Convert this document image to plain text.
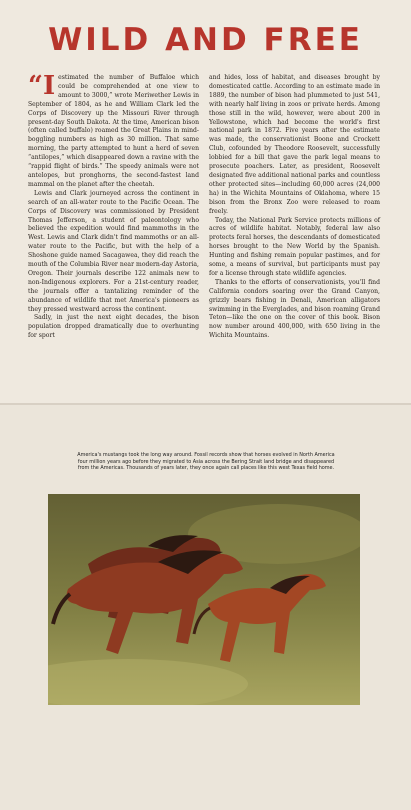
WILD AND FREE

“Iestimated the number of Buffaloe which could be comprehended at one view to amount to 3000,” wrote Meriwether Lewis in September of 1804, as he and William Clark led the Corps of Discovery up the Missouri River through present-day South Dakota. At the time, American bison (often called buffalo) roamed the Great Plains in mind-boggling numbers as high as 30 million. That same morning, the party attempted to hunt a herd of seven “antilopes,” which disappeared down a ravine with the “rappid flight of birds.” The speedy animals were not antelopes, but pronghorns, the second-fastest land mammal on the planet after the cheetah.

Lewis and Clark journeyed across the continent in search of an all-water route to the Pacific Ocean. The Corps of Discovery was commissioned by President Thomas Jefferson, a student of paleontology who believed the expedition would find mammoths in the West. Lewis and Clark didn't find mammoths or an all-water route to the Pacific, but with the help of a Shoshone guide named Sacagawea, they did reach the mouth of the Columbia River near modern-day Astoria, Oregon. Their journals describe 122 animals new to non-Indigenous explorers. For a 21st-century reader, the journals offer a tantalizing reminder of the abundance of wildlife that met America's pioneers as they pressed westward across the continent.

Sadly, in just the next eight decades, the bison population dropped dramatically due to overhunting for sport

and hides, loss of habitat, and diseases brought by domesticated cattle. According to an estimate made in 1889, the number of bison had plummeted to just 541, with nearly half living in zoos or private herds. Among those still in the wild, however, were about 200 in Yellowstone, which had become the world's first national park in 1872. Five years after the estimate was made, the conservationist Boone and Crockett Club, cofounded by Theodore Roosevelt, successfully lobbied for a bill that gave the park legal means to prosecute poachers. Later, as president, Roosevelt designated five additional national parks and countless other protected sites—including 60,000 acres (24,000 ha) in the Wichita Mountains of Oklahoma, where 15 bison from the Bronx Zoo were released to roam freely.

Today, the National Park Service protects millions of acres of wildlife habitat. Notably, federal law also protects feral horses, the descendants of domesticated horses brought to the New World by the Spanish. Hunting and fishing remain popular pastimes, and for some, a means of survival, but participants must pay for a license through state wildlife agencies.

Thanks to the efforts of conservationists, you'll find California condors soaring over the Grand Canyon, grizzly bears fishing in Denali, American alligators swimming in the Everglades, and bison roaming Grand Teton—like the one on the cover of this book. Bison now number around 400,000, with 650 living in the Wichita Mountains.

America's mustangs took the long way around. Fossil records show that horses evolved in North America four million years ago before they migrated to Asia across the Bering Strait land bridge and disappeared from the Americas. Thousands of years later, they once again call places like this west Texas field home.
